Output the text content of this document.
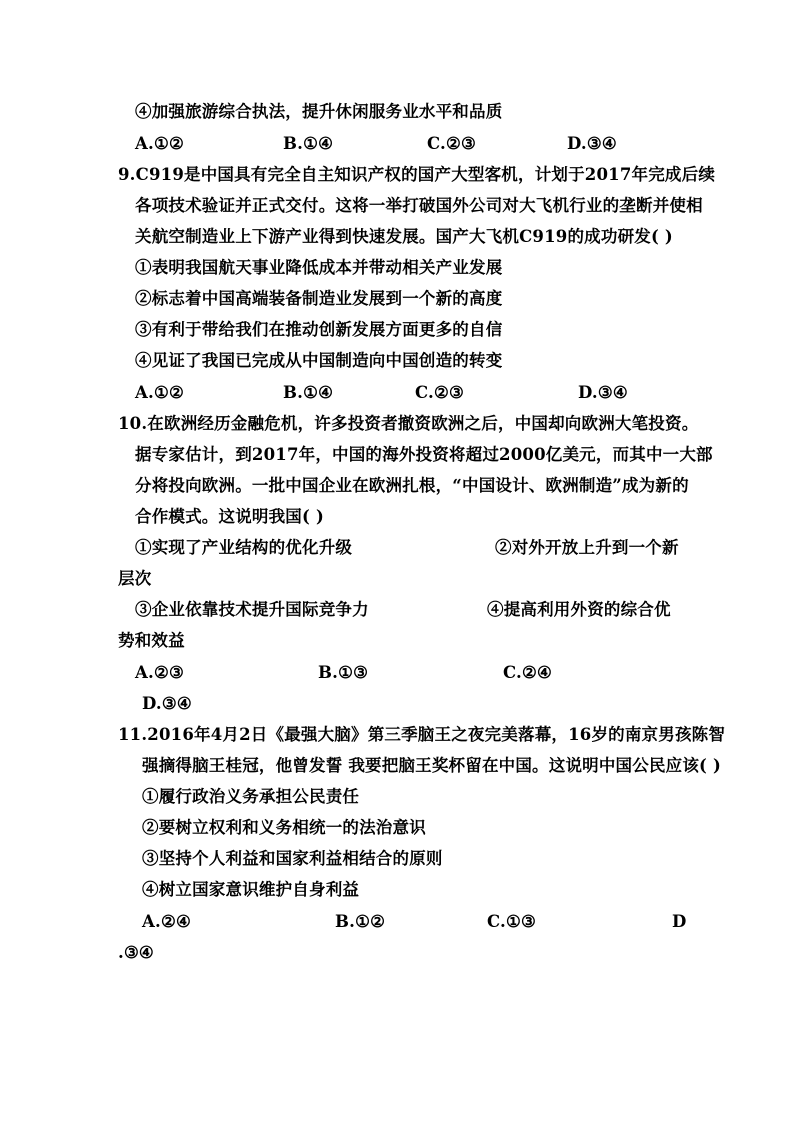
④加强旅游综合执法，提升休闲服务业水平和品质
A.①②	B.①④	C.②③	D.③④
9.C919是中国具有完全自主知识产权的国产大型客机，计划于2017年完成后续
各项技术验证并正式交付。这将一举打破国外公司对大飞机行业的垄断并使相
关航空制造业上下游产业得到快速发展。国产大飞机C919的成功研发( )
①表明我国航天事业降低成本并带动相关产业发展
②标志着中国高端装备制造业发展到一个新的高度
③有利于带给我们在推动创新发展方面更多的自信
④见证了我国已完成从中国制造向中国创造的转变
A.①②	B.①④	C.②③	D.③④
10.在欧洲经历金融危机，许多投资者撤资欧洲之后，中国却向欧洲大笔投资。
据专家估计，到2017年，中国的海外投资将超过2000亿美元，而其中一大部
分将投向欧洲。一批中国企业在欧洲扎根，“中国设计、欧洲制造”成为新的
合作模式。这说明我国( )
①实现了产业结构的优化升级	②对外开放上升到一个新
层次
③企业依靠技术提升国际竞争力	④提高利用外资的综合优
势和效益
A.②③	B.①③	C.②④
D.③④
11.2016年4月2日《最强大脑》第三季脑王之夜完美落幕，16岁的南京男孩陈智
强摘得脑王桂冠，他曾发誓 我要把脑王奖杯留在中国。这说明中国公民应该( )
①履行政治义务承担公民责任
②要树立权利和义务相统一的法治意识
③坚持个人利益和国家利益相结合的原则
④树立国家意识维护自身利益
A.②④	B.①②	C.①③	D
.③④
